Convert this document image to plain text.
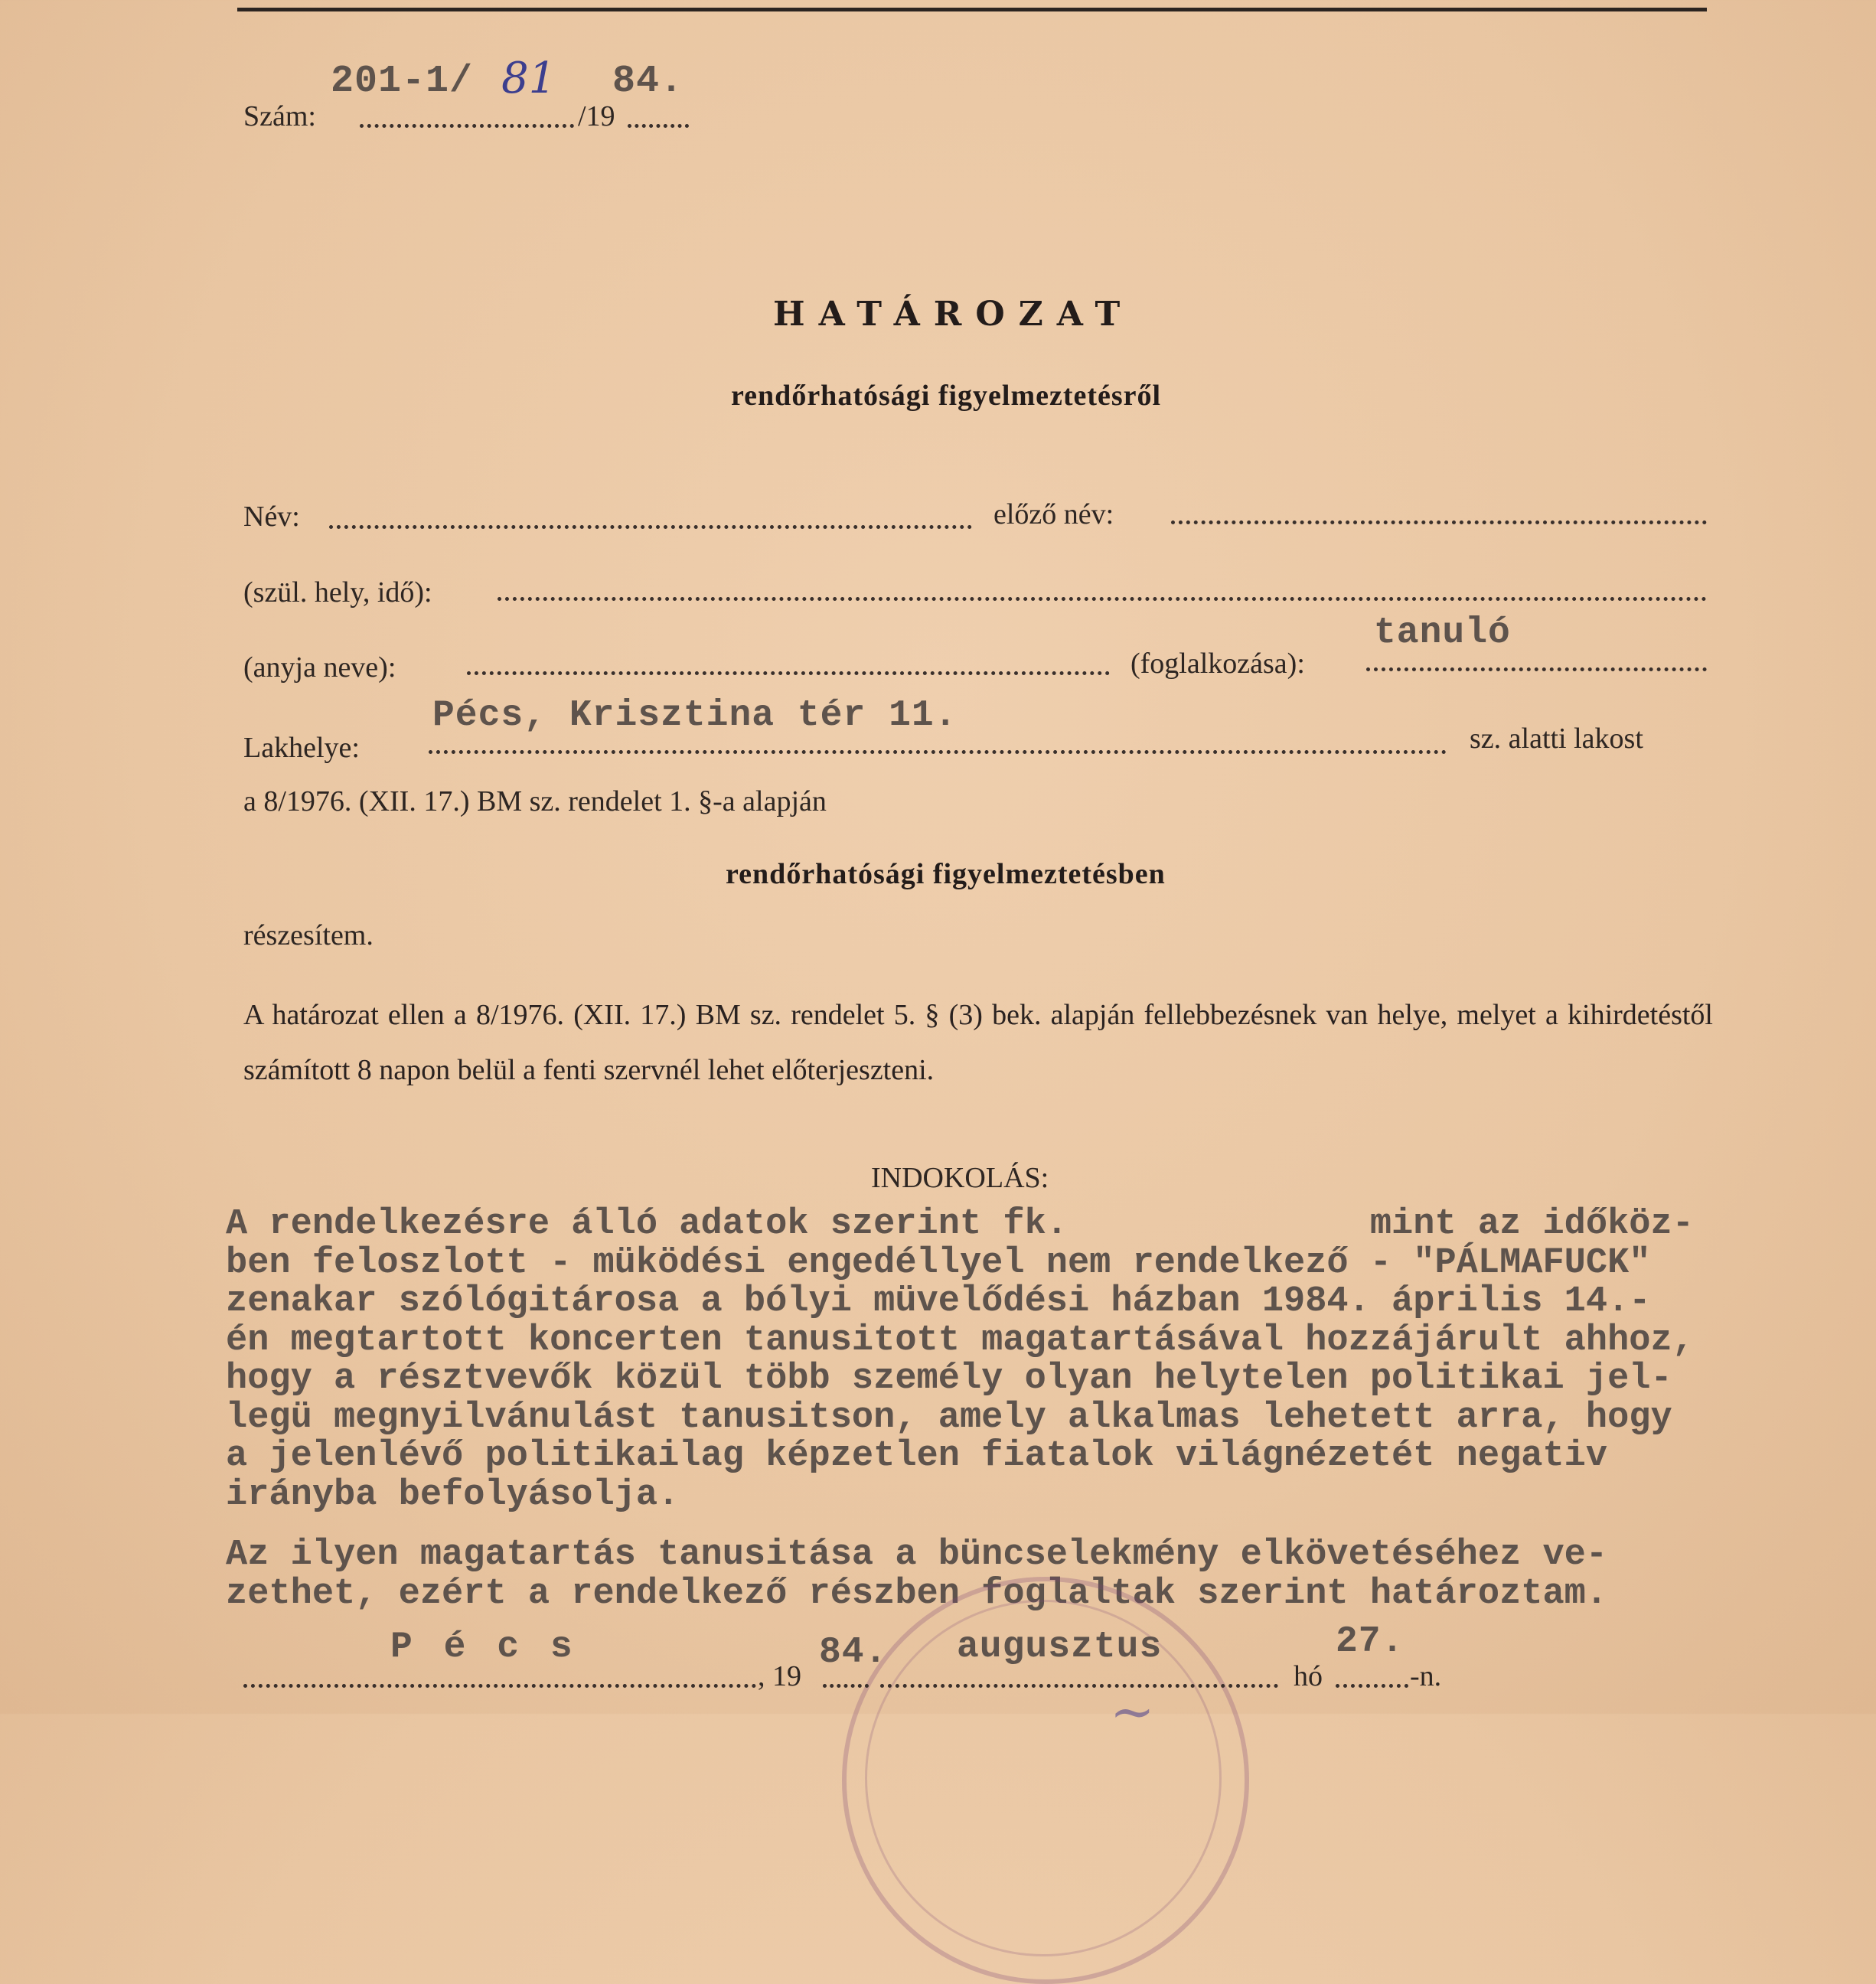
201-1/ 81 84.
Szám:	/19
HATÁROZAT
rendőrhatósági figyelmeztetésről
Név:	előző név:
(szül. hely, idő):
(anyja neve):	(foglalkozása):
tanuló
Lakhelye:
Pécs, Krisztina tér 11.
sz. alatti lakost
a 8/1976. (XII. 17.) BM sz. rendelet 1. §-a alapján
rendőrhatósági figyelmeztetésben
részesítem.
A határozat ellen a 8/1976. (XII. 17.) BM sz. rendelet 5. § (3) bek. alapján fellebbezésnek van helye, melyet a kihirdetéstől számított 8 napon belül a fenti szervnél lehet előterjeszteni.
INDOKOLÁS:
A rendelkezésre álló adatok szerint fk.              mint az időköz-
ben feloszlott - müködési engedéllyel nem rendelkező - "PÁLMAFUCK"
zenakar szólógitárosa a bólyi müvelődési házban 1984. április 14.-
én megtartott koncerten tanusitott magatartásával hozzájárult ahhoz,
hogy a résztvevők közül több személy olyan helytelen politikai jel-
legü megnyilvánulást tanusitson, amely alkalmas lehetett arra, hogy
a jelenlévő politikailag képzetlen fiatalok világnézetét negativ
irányba befolyásolja.
Az ilyen magatartás tanusitása a büncselekmény elkövetéséhez ve-
zethet, ezért a rendelkező részben foglaltak szerint határoztam.
P é c s
, 19
84. augusztus
hó
27.
-n.
~
